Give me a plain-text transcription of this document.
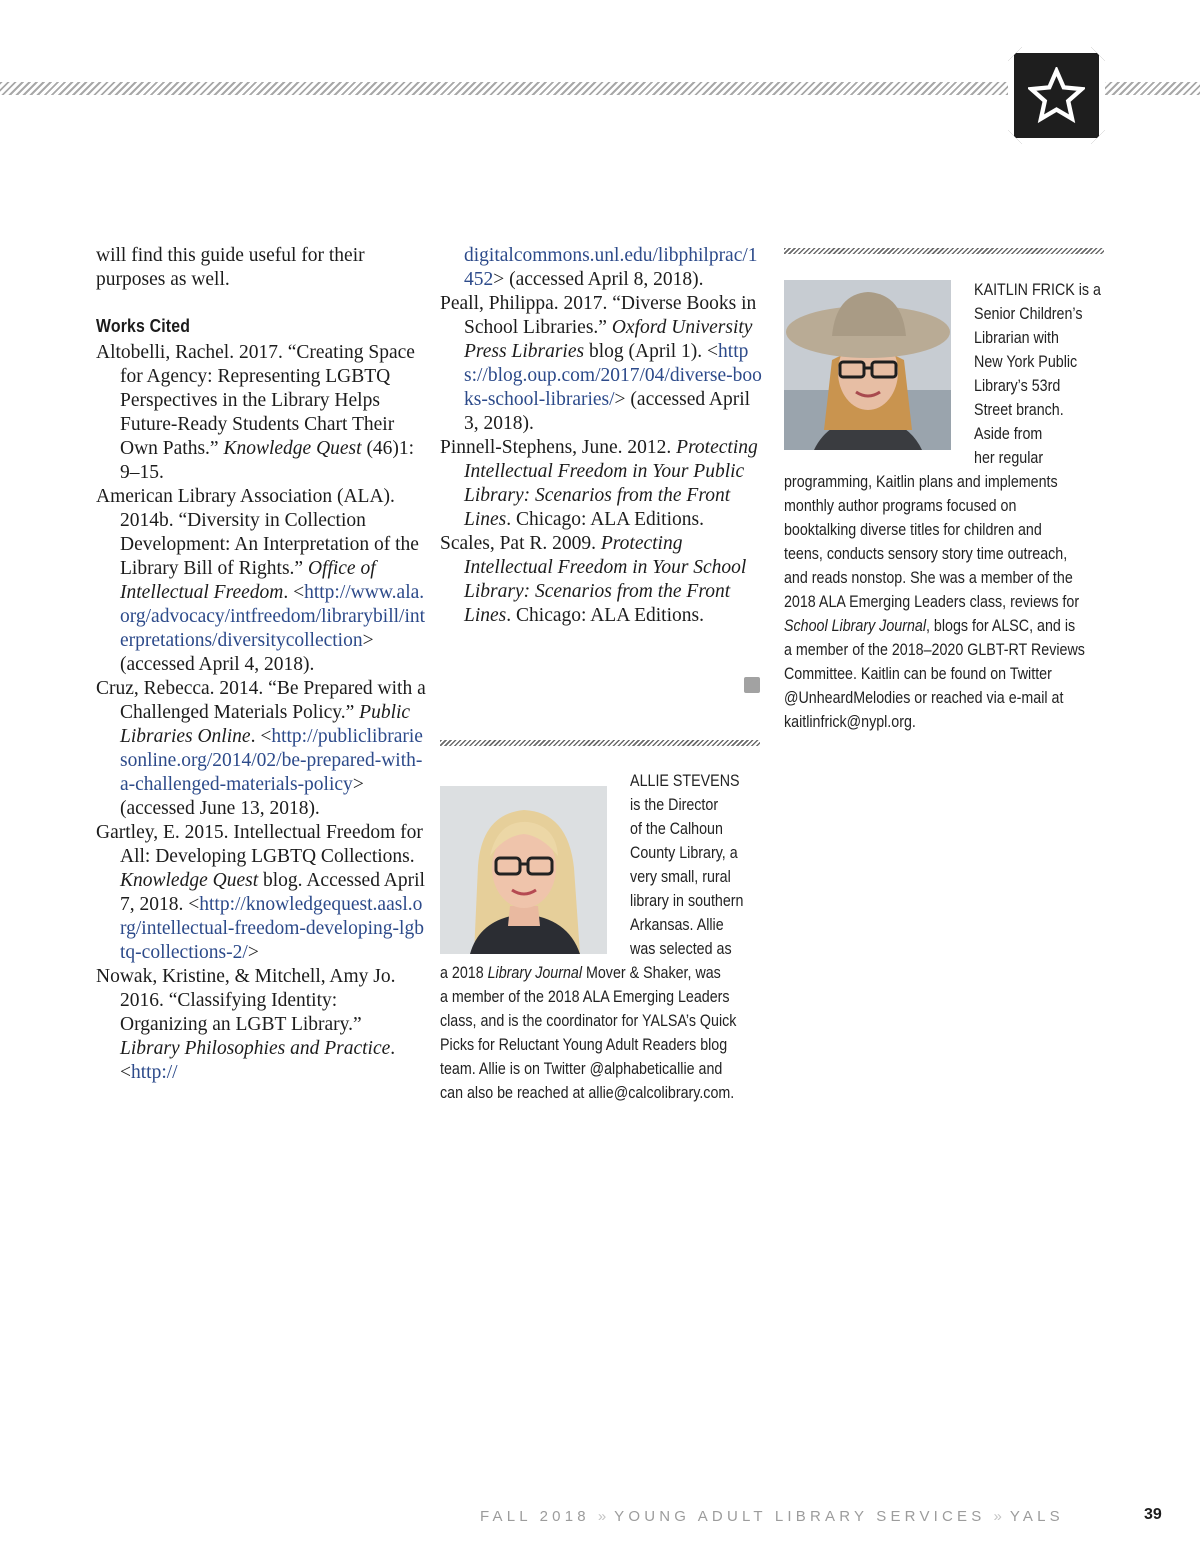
will find this guide useful for their purposes as well.

Works Cited

Altobelli, Rachel. 2017. “Creating Space for Agency: Representing LGBTQ Perspectives in the Library Helps Future-Ready Students Chart Their Own Paths.” Knowledge Quest (46)1: 9–15.

American Library Association (ALA). 2014b. “Diversity in Collection Development: An Interpretation of the Library Bill of Rights.” Office of Intellectual Freedom. <http://www.ala.org/advocacy/intfreedom/librarybill/interpretations/diversitycollection> (accessed April 4, 2018).

Cruz, Rebecca. 2014. “Be Prepared with a Challenged Materials Policy.” Public Libraries Online. <http://publiclibrariesonline.org/2014/02/be-prepared-with-a-challenged-materials-policy> (accessed June 13, 2018).

Gartley, E. 2015. Intellectual Freedom for All: Developing LGBTQ Collections. Knowledge Quest blog. Accessed April 7, 2018. <http://knowledgequest.aasl.org/intellectual-freedom-developing-lgbtq-collections-2/>

Nowak, Kristine, & Mitchell, Amy Jo. 2016. “Classifying Identity: Organizing an LGBT Library.” Library Philosophies and Practice. <http://

digitalcommons.unl.edu/libphilprac/1452> (accessed April 8, 2018).

Peall, Philippa. 2017. “Diverse Books in School Libraries.” Oxford University Press Libraries blog (April 1). <https://blog.oup.com/2017/04/diverse-books-school-libraries/> (accessed April 3, 2018).

Pinnell-Stephens, June. 2012. Protecting Intellectual Freedom in Your Public Library: Scenarios from the Front Lines. Chicago: ALA Editions.

Scales, Pat R. 2009. Protecting Intellectual Freedom in Your School Library: Scenarios from the Front Lines. Chicago: ALA Editions.

ALLIE STEVENS
is the Director
of the Calhoun
County Library, a
very small, rural
library in southern
Arkansas. Allie
was selected as
a 2018 Library Journal Mover & Shaker, was
a member of the 2018 ALA Emerging Leaders
class, and is the coordinator for YALSA’s Quick
Picks for Reluctant Young Adult Readers blog
team. Allie is on Twitter @alphabeticallie and
can also be reached at allie@calcolibrary.com.
KAITLIN FRICK is a
Senior Children’s
Librarian with
New York Public
Library’s 53rd
Street branch.
Aside from
her regular
programming, Kaitlin plans and implements
monthly author programs focused on
booktalking diverse titles for children and
teens, conducts sensory story time outreach,
and reads nonstop. She was a member of the
2018 ALA Emerging Leaders class, reviews for
School Library Journal, blogs for ALSC, and is
a member of the 2018–2020 GLBT-RT Reviews
Committee. Kaitlin can be found on Twitter
@UnheardMelodies or reached via e-mail at
kaitlinfrick@nypl.org.
FALL 2018 » YOUNG ADULT LIBRARY SERVICES » YALS	39
